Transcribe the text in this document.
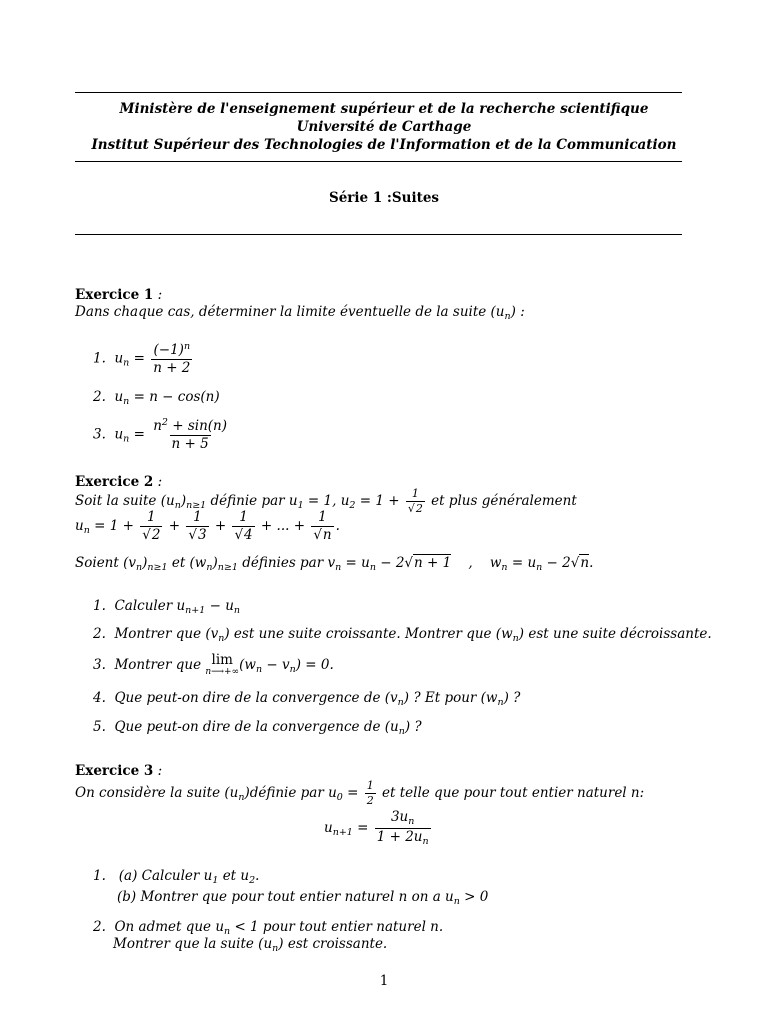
Ministère de l'enseignement supérieur et de la recherche scientifique
Université de Carthage
Institut Supérieur des Technologies de l'Information et de la Communication
Série 1 :Suites
Exercice 1 :
Dans chaque cas, déterminer la limite éventuelle de la suite $(u_n)$ :
1.  $u_n = \frac{(-1)^n}{n + 2}$
2.  $u_n = n - \cos(n)$
3.  $u_n = \frac{n^2 + \sin(n)}{n + 5}$
Exercice 2 :
Soit la suite $(u_n)_{n\ge 1}$ définie par $u_1 = 1$, $u_2 = 1 + \frac{1}{√2}$ et plus généralement
$u_n = 1 + \frac{1}{√2} + \frac{1}{√3} + \frac{1}{√4}$ + ... + $\frac{1}{√n}$ .
Soient $(v_n)_{n\ge 1}$ et $(w_n)_{n\ge 1}$ définies par $v_n = u_n - 2√n + 1$    ,    $w_n = u_n - 2√n$.
1.  Calculer $u_{n+1} - u_n$
2.  Montrer que $(v_n)$ est une suite croissante. Montrer que $(w_n)$ est une suite décroissante.
3.  Montrer que lim
n⟶+∞ $(w_n - v_n) = 0$.
4.  Que peut-on dire de la convergence de $(v_n)$ ? Et pour $(w_n)$ ?
5.  Que peut-on dire de la convergence de $(u_n)$ ?
Exercice 3 :
On considère la suite $(u_n)définie$ par $u_0 = \frac{1}{2}$ et telle que pour tout entier naturel n:
$u_{n+1} = \frac{3u_n}{1 + 2u_n}$
1.   (a) Calculer $u_1$ et $u_2$.
(b) Montrer que pour tout entier naturel n on a $u_n > 0$
2.  On admet que $u_n < 1$ pour tout entier naturel n.
Montrer que la suite $(u_n)$ est croissante.
1
